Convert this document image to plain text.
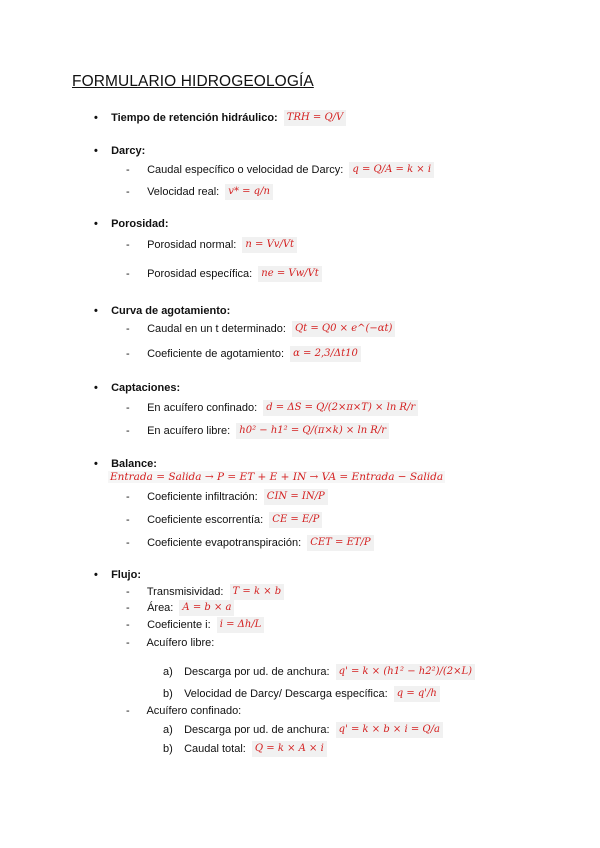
FORMULARIO HIDROGEOLOGÍA
• Tiempo de retención hidráulico: TRH = Q/V
• Darcy:
- Caudal específico o velocidad de Darcy: q = Q/A = k × i
- Velocidad real: v* = q/n
• Porosidad:
- Porosidad normal: n = Vv/Vt
- Porosidad específica: ne = Vw/Vt
• Curva de agotamiento:
- Caudal en un t determinado: Qt = Q0 × e^(−αt)
- Coeficiente de agotamiento: α = 2,3/Δt10
• Captaciones:
- En acuífero confinado: d = ΔS = Q/(2×π×T) × ln R/r
- En acuífero libre: h0² − h1² = Q/(π×k) × ln R/r
• Balance:
Entrada = Salida → P = ET + E + IN → VA = Entrada − Salida
- Coeficiente infiltración: CIN = IN/P
- Coeficiente escorrentía: CE = E/P
- Coeficiente evapotranspiración: CET = ET/P
• Flujo:
- Transmisividad: T = k × b
- Área: A = b × a
- Coeficiente i: i = Δh/L
- Acuífero libre:
a) Descarga por ud. de anchura: q' = k × (h1² − h2²)/(2×L)
b) Velocidad de Darcy/ Descarga específica: q = q'/h
- Acuífero confinado:
a) Descarga por ud. de anchura: q' = k × b × i = Q/a
b) Caudal total: Q = k × A × i
